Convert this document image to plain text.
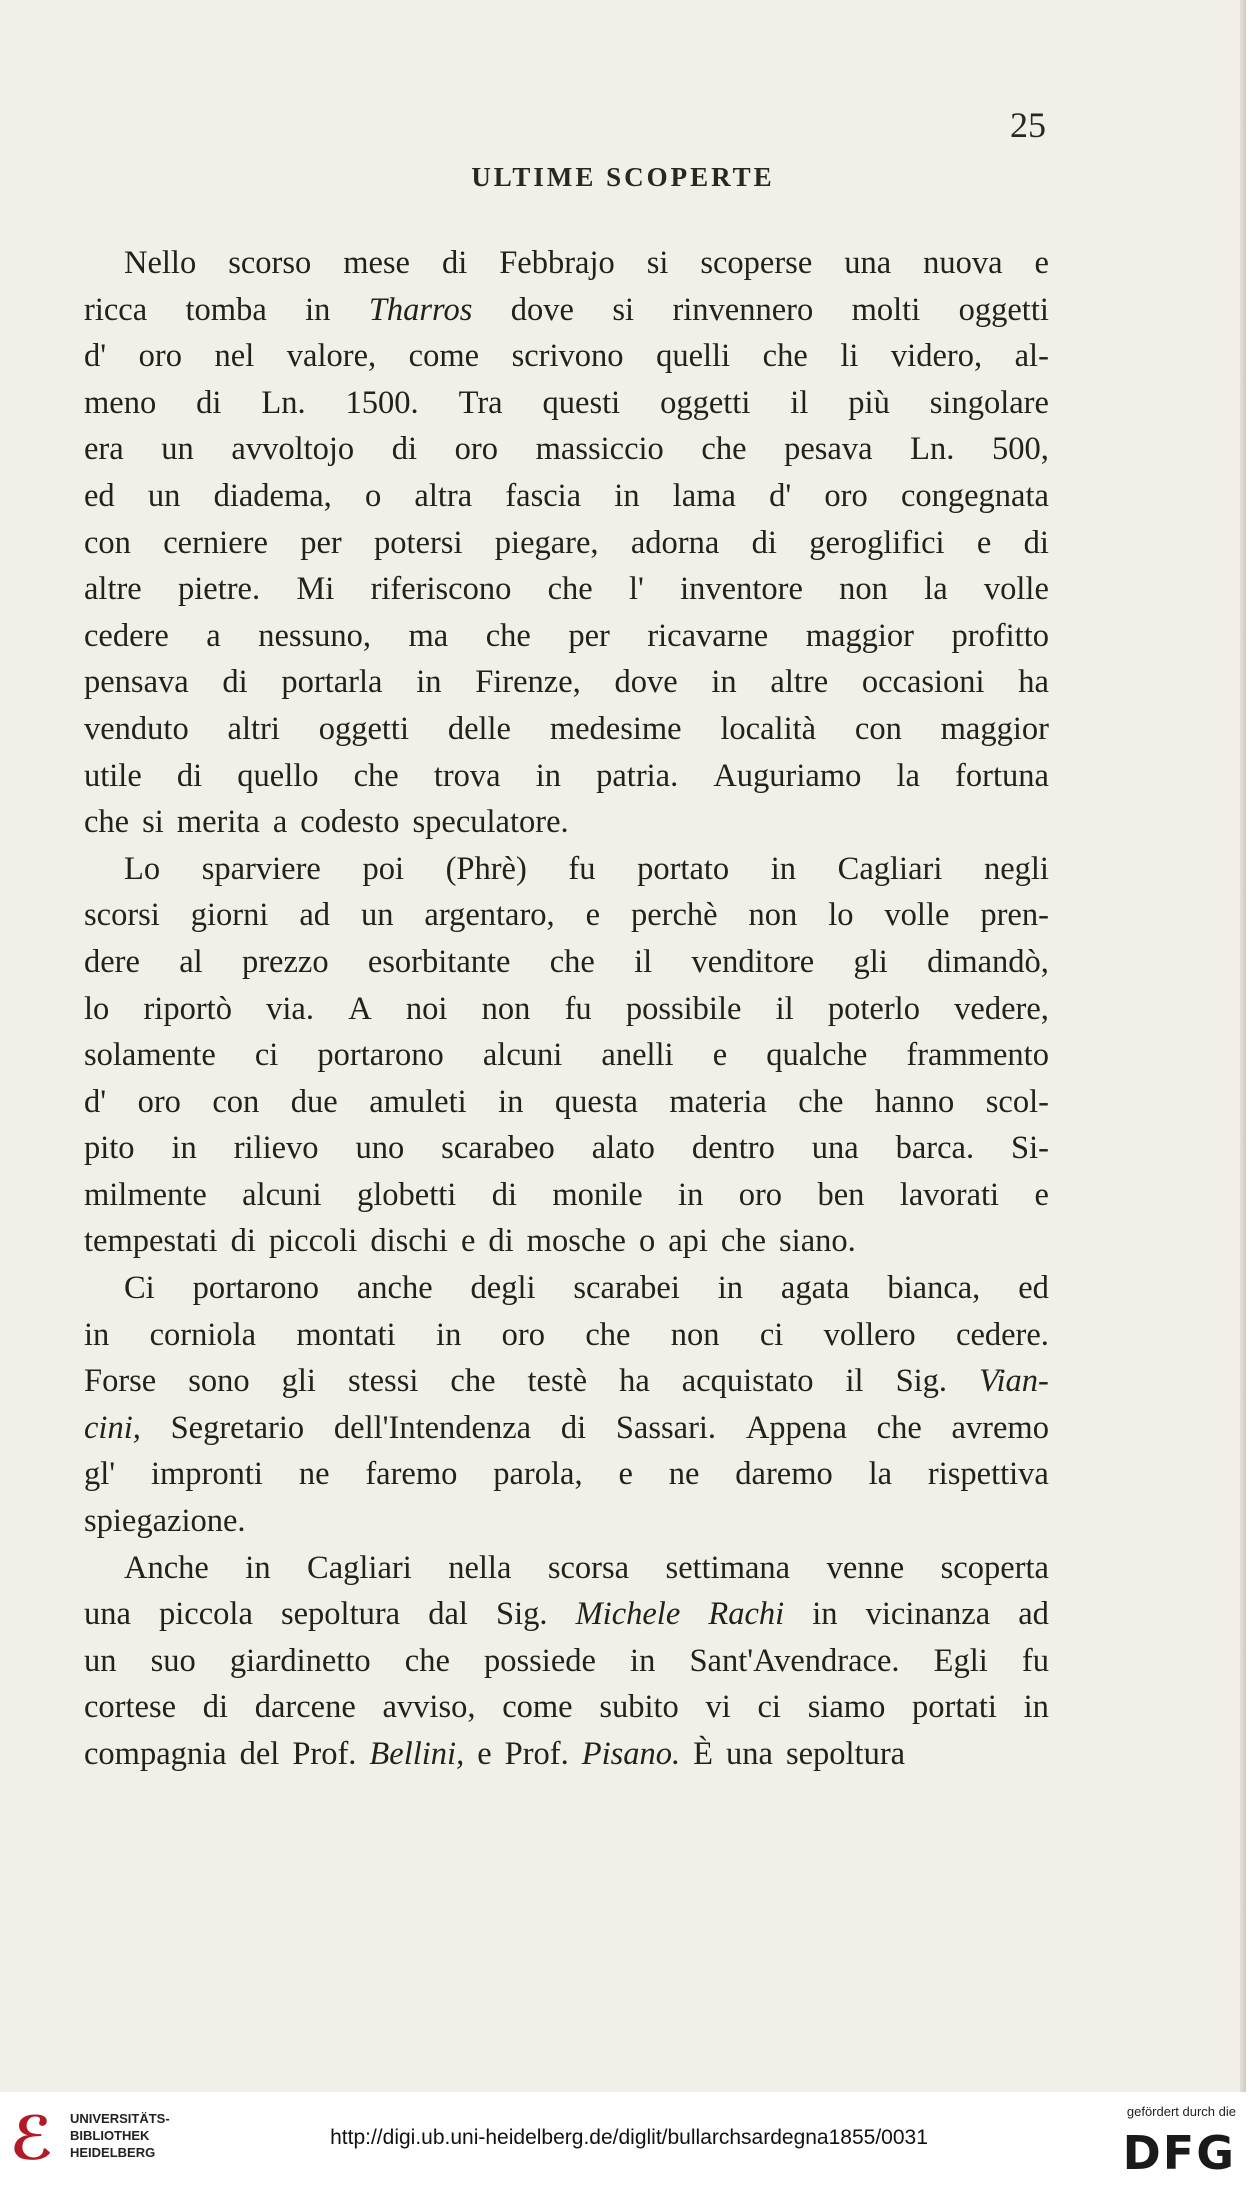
25
ULTIME SCOPERTE
Nello scorso mese di Febbrajo si scoperse una nuova e
ricca tomba in Tharros dove si rinvennero molti oggetti
d' oro nel valore, come scrivono quelli che li videro, al-
meno di Ln. 1500. Tra questi oggetti il più singolare
era un avvoltojo di oro massiccio che pesava Ln. 500,
ed un diadema, o altra fascia in lama d' oro congegnata
con cerniere per potersi piegare, adorna di geroglifici e di
altre pietre. Mi riferiscono che l' inventore non la volle
cedere a nessuno, ma che per ricavarne maggior profitto
pensava di portarla in Firenze, dove in altre occasioni ha
venduto altri oggetti delle medesime località con maggior
utile di quello che trova in patria. Auguriamo la fortuna
che si merita a codesto speculatore.
Lo sparviere poi (Phrè) fu portato in Cagliari negli
scorsi giorni ad un argentaro, e perchè non lo volle pren-
dere al prezzo esorbitante che il venditore gli dimandò,
lo riportò via. A noi non fu possibile il poterlo vedere,
solamente ci portarono alcuni anelli e qualche frammento
d' oro con due amuleti in questa materia che hanno scol-
pito in rilievo uno scarabeo alato dentro una barca. Si-
milmente alcuni globetti di monile in oro ben lavorati e
tempestati di piccoli dischi e di mosche o api che siano.
Ci portarono anche degli scarabei in agata bianca, ed
in corniola montati in oro che non ci vollero cedere.
Forse sono gli stessi che testè ha acquistato il Sig. Vian-
cini, Segretario dell'Intendenza di Sassari. Appena che avremo
gl' impronti ne faremo parola, e ne daremo la rispettiva
spiegazione.
Anche in Cagliari nella scorsa settimana venne scoperta
una piccola sepoltura dal Sig. Michele Rachi in vicinanza ad
un suo giardinetto che possiede in Sant'Avendrace. Egli fu
cortese di darcene avviso, come subito vi ci siamo portati in
compagnia del Prof. Bellini, e Prof. Pisano. È una sepoltura
ℰ UNIVERSITÄTS-
BIBLIOTHEK
HEIDELBERG
http://digi.ub.uni-heidelberg.de/diglit/bullarchsardegna1855/0031
gefördert durch die
DFG
